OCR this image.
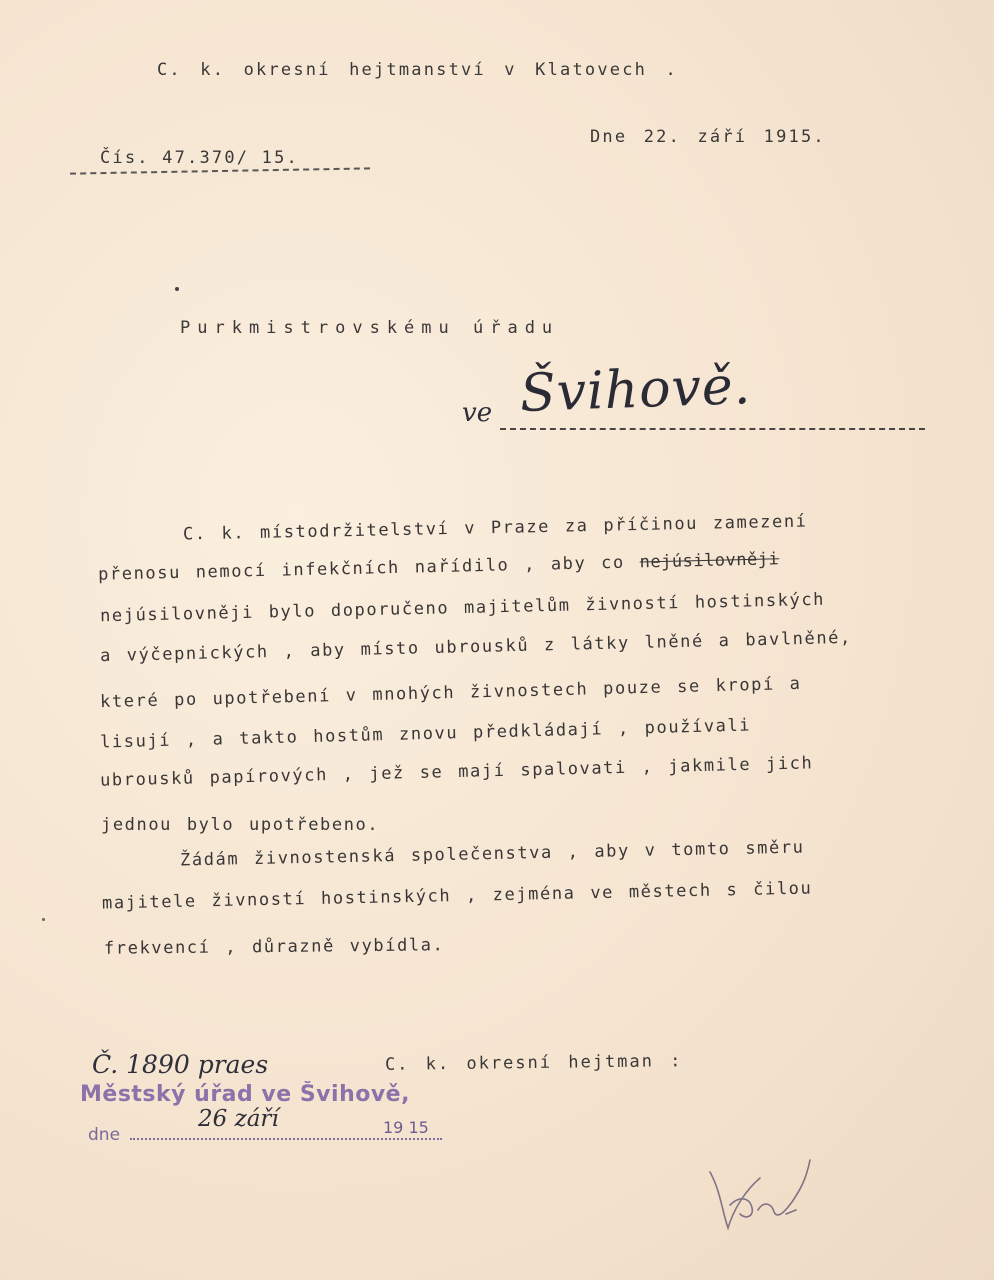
C. k. okresní hejtmanství v Klatovech .
Dne 22. září 1915.
Čís. 47.370/ 15.
Purkmistrovskému úřadu
ve Švihově.
C. k. místodržitelství v Praze za příčinou zamezení
přenosu nemocí infekčních nařídilo , aby co nejúsilovněji
nejúsilovněji bylo doporučeno majitelům živností hostinských
a výčepnických , aby místo ubrousků z látky lněné a bavlněné,
které po upotřebení v mnohých živnostech pouze se kropí a
lisují , a takto hostům znovu předkládají , používali
ubrousků papírových , jež se mají spalovati , jakmile jich
jednou bylo upotřebeno.
Žádám živnostenská společenstva , aby v tomto směru
majitele živností hostinských , zejména ve městech s čilou
frekvencí , důrazně vybídla.
Č. 1890 praes	C. k. okresní hejtman :
Městský úřad ve Švihově,
dne
26 září	19 15
